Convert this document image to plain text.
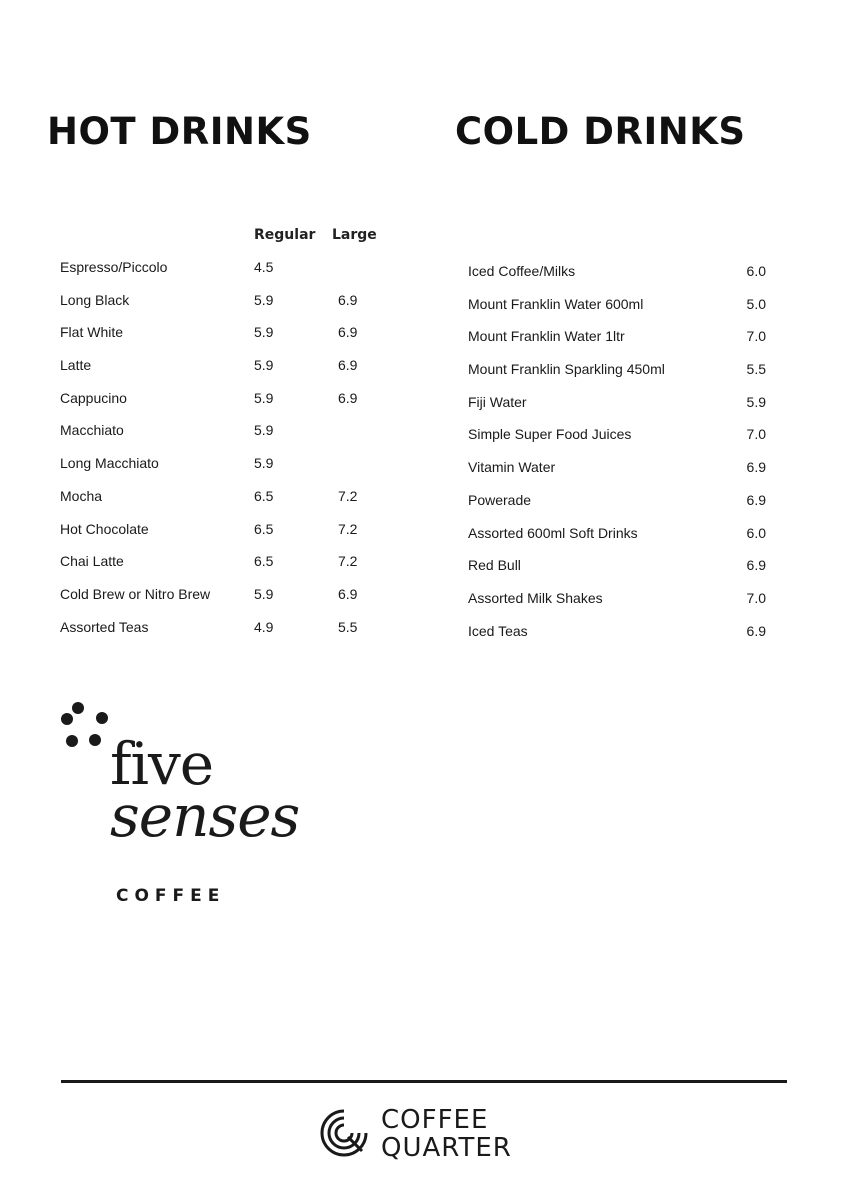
HOT DRINKS	COLD DRINKS
Regular Large
Espresso/Piccolo	4.5
Long Black	5.9	6.9
Flat White	5.9	6.9
Latte	5.9	6.9
Cappucino	5.9	6.9
Macchiato	5.9
Long Macchiato	5.9
Mocha	6.5	7.2
Hot Chocolate	6.5	7.2
Chai Latte	6.5	7.2
Cold Brew or Nitro Brew	5.9	6.9
Assorted Teas	4.9	5.5
Iced Coffee/Milks	6.0
Mount Franklin Water 600ml	5.0
Mount Franklin Water 1ltr	7.0
Mount Franklin Sparkling 450ml	5.5
Fiji Water	5.9
Simple Super Food Juices	7.0
Vitamin Water	6.9
Powerade	6.9
Assorted 600ml Soft Drinks	6.0
Red Bull	6.9
Assorted Milk Shakes	7.0
Iced Teas	6.9

five
senses

COFFEE
COFFEE
QUARTER
